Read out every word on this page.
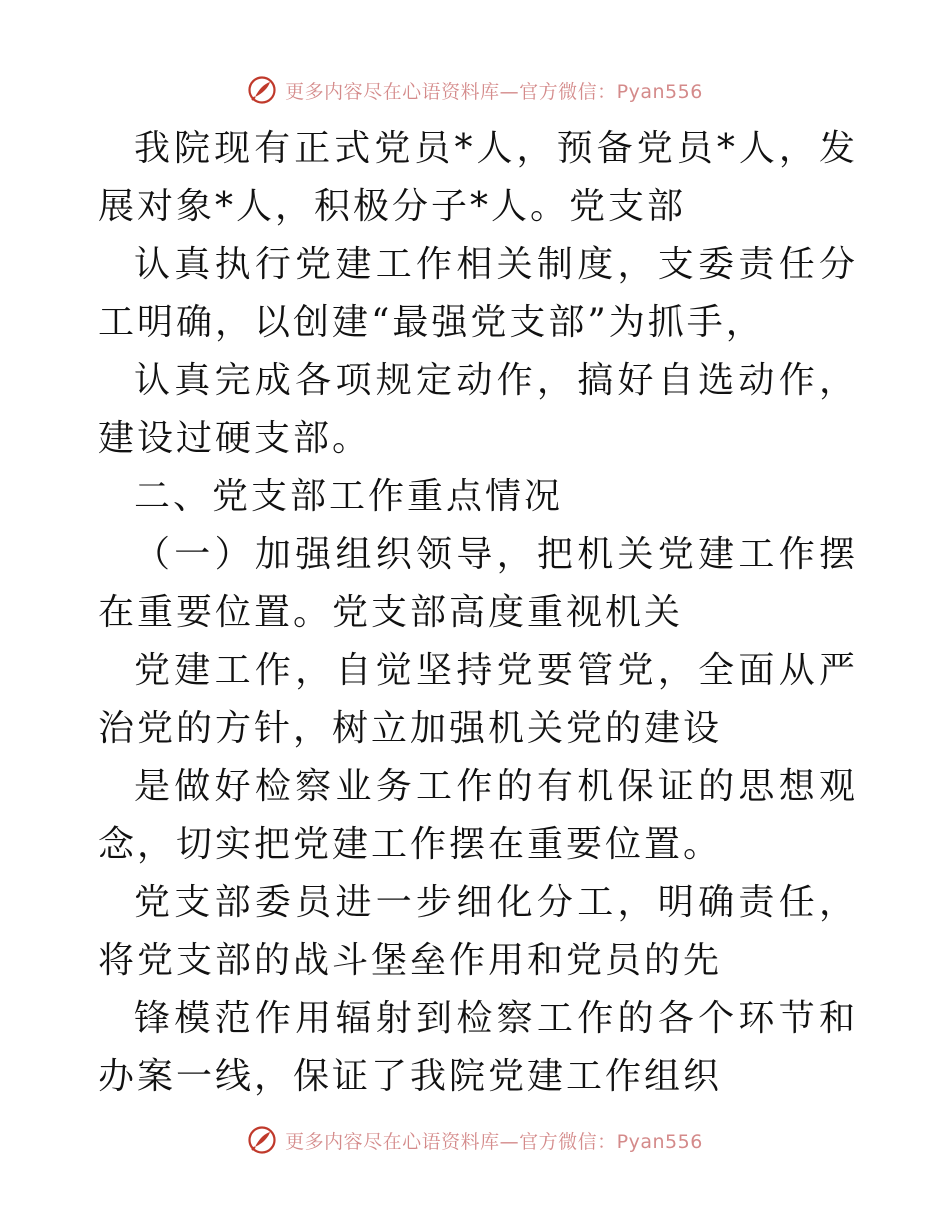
更多内容尽在心语资料库—官方微信：Pyan556

我院现有正式党员*人，预备党员*人，发展对象*人，积极分子*人。党支部

认真执行党建工作相关制度，支委责任分工明确，以创建“最强党支部”为抓手，

认真完成各项规定动作，搞好自选动作，建设过硬支部。

二、党支部工作重点情况

（一）加强组织领导，把机关党建工作摆在重要位置。党支部高度重视机关

党建工作，自觉坚持党要管党，全面从严治党的方针，树立加强机关党的建设

是做好检察业务工作的有机保证的思想观念，切实把党建工作摆在重要位置。

党支部委员进一步细化分工，明确责任，将党支部的战斗堡垒作用和党员的先

锋模范作用辐射到检察工作的各个环节和办案一线，保证了我院党建工作组织

更多内容尽在心语资料库—官方微信：Pyan556
